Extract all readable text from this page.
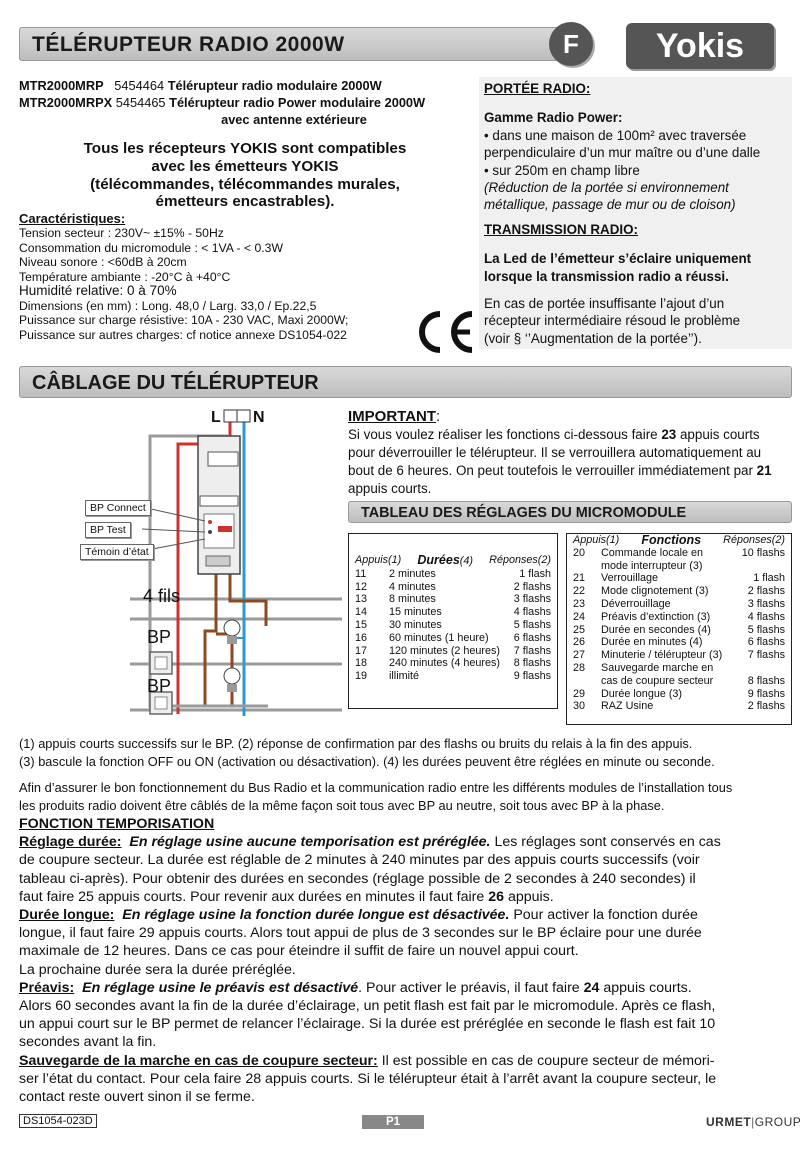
TÉLÉRUPTEUR RADIO 2000W	F	Yokis
MTR2000MRP 5454464 Télérupteur radio modulaire 2000W
MTR2000MRPX 5454465 Télérupteur radio Power modulaire 2000W
avec antenne extérieure
Tous les récepteurs YOKIS sont compatibles
avec les émetteurs YOKIS
(télécommandes, télécommandes murales,
émetteurs encastrables).
Caractéristiques:
Tension secteur : 230V~ ±15% - 50Hz
Consommation du micromodule : < 1VA - < 0.3W
Niveau sonore : <60dB à 20cm
Température ambiante : -20°C à +40°C
Humidité relative: 0 à 70%
Dimensions (en mm) : Long. 48,0 / Larg. 33,0 / Ep.22,5
Puissance sur charge résistive: 10A - 230 VAC, Maxi 2000W;
Puissance sur autres charges: cf notice annexe DS1054-022
PORTÉE RADIO:
Gamme Radio Power:
• dans une maison de 100m² avec traversée
perpendiculaire d’un mur maître ou d’une dalle
• sur 250m en champ libre
(Réduction de la portée si environnement
métallique, passage de mur ou de cloison)
TRANSMISSION RADIO:
La Led de l’émetteur s’éclaire uniquement
lorsque la transmission radio a réussi.
En cas de portée insuffisante l’ajout d’un
récepteur intermédiaire résoud le problème
(voir § ‘’Augmentation de la portée’’).
CÂBLAGE DU TÉLÉRUPTEUR
L N
4 fils
BP
BP
BP Connect
BP Test
Témoin d’état
IMPORTANT:
Si vous voulez réaliser les fonctions ci-dessous faire 23 appuis courts
pour déverrouiller le télérupteur. Il se verrouillera automatiquement au
bout de 6 heures. On peut toutefois le verrouiller immédiatement par 21
appuis courts.
TABLEAU DES RÉGLAGES DU MICROMODULE
Appuis(1) Durées(4) Réponses(2)
11	2 minutes	1 flash
12	4 minutes	2 flashs
13	8 minutes	3 flashs
14	15 minutes	4 flashs
15	30 minutes	5 flashs
16	60 minutes (1 heure)	6 flashs
17	120 minutes (2 heures)	7 flashs
18	240 minutes (4 heures)	8 flashs
19	illimité	9 flashs
Appuis(1) Fonctions Réponses(2)
20	Commande locale en	10 flashs
mode interrupteur (3)
21	Verrouillage	1 flash
22	Mode clignotement (3)	2 flashs
23	Déverrouillage	3 flashs
24	Préavis d’extinction (3)	4 flashs
25	Durée en secondes (4)	5 flashs
26	Durée en minutes (4)	6 flashs
27	Minuterie / télérupteur (3)	7 flashs
28	Sauvegarde marche en
cas de coupure secteur	8 flashs
29	Durée longue (3)	9 flashs
30	RAZ Usine	2 flashs
(1) appuis courts successifs sur le BP. (2) réponse de confirmation par des flashs ou bruits du relais à la fin des appuis.
(3) bascule la fonction OFF ou ON (activation ou désactivation). (4) les durées peuvent être réglées en minute ou seconde.
Afin d’assurer le bon fonctionnement du Bus Radio et la communication radio entre les différents modules de l’installation tous
les produits radio doivent être câblés de la même façon soit tous avec BP au neutre, soit tous avec BP à la phase.
FONCTION TEMPORISATION
Réglage durée: En réglage usine aucune temporisation est préréglée. Les réglages sont conservés en cas
de coupure secteur. La durée est réglable de 2 minutes à 240 minutes par des appuis courts successifs (voir
tableau ci-après). Pour obtenir des durées en secondes (réglage possible de 2 secondes à 240 secondes) il
faut faire 25 appuis courts. Pour revenir aux durées en minutes il faut faire 26 appuis.
Durée longue: En réglage usine la fonction durée longue est désactivée. Pour activer la fonction durée
longue, il faut faire 29 appuis courts. Alors tout appui de plus de 3 secondes sur le BP éclaire pour une durée
maximale de 12 heures. Dans ce cas pour éteindre il suffit de faire un nouvel appui court.
La prochaine durée sera la durée préréglée.
Préavis: En réglage usine le préavis est désactivé. Pour activer le préavis, il faut faire 24 appuis courts.
Alors 60 secondes avant la fin de la durée d’éclairage, un petit flash est fait par le micromodule. Après ce flash,
un appui court sur le BP permet de relancer l’éclairage. Si la durée est préréglée en seconde le flash est fait 10
secondes avant la fin.
Sauvegarde de la marche en cas de coupure secteur: Il est possible en cas de coupure secteur de mémori-
ser l’état du contact. Pour cela faire 28 appuis courts. Si le télérupteur était à l’arrêt avant la coupure secteur, le
contact reste ouvert sinon il se ferme.
DS1054-023D	P1	URMET|GROUP
